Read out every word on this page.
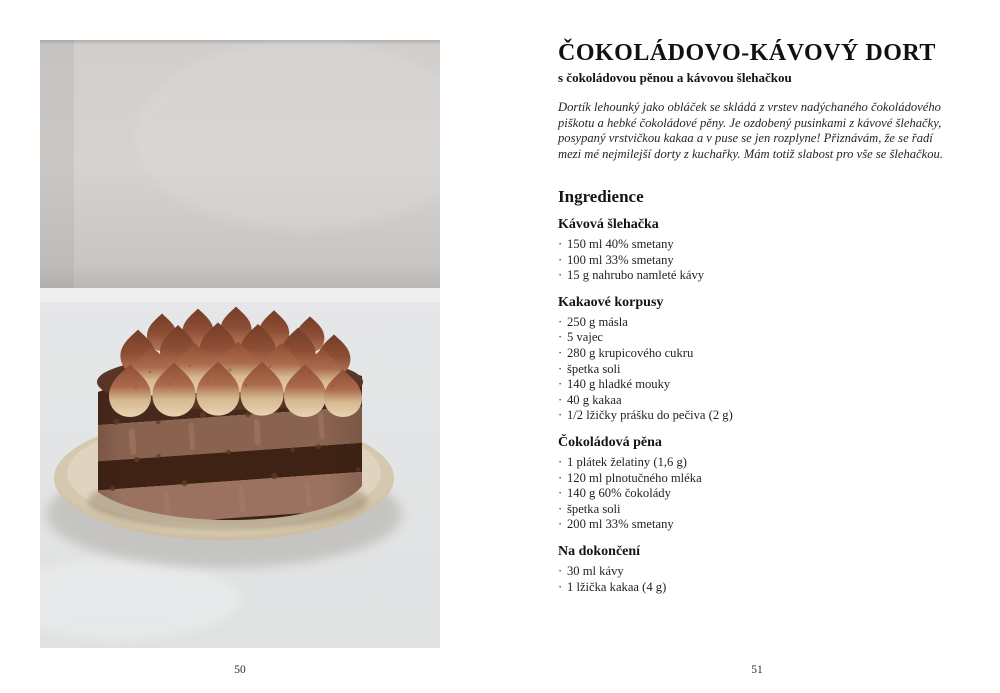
ČOKOLÁDOVO-KÁVOVÝ DORT
s čokoládovou pěnou a kávovou šlehačkou

Dortík lehounký jako obláček se skládá z vrstev nadýchaného čokoládového piškotu a hebké čokoládové pěny. Je ozdobený pusinkami z kávové šlehačky, posypaný vrstvičkou kakaa a v puse se jen rozplyne! Přiznávám, že se řadí mezi mé nejmilejší dorty z kuchařky. Mám totiž slabost pro vše se šlehačkou.

Ingredience
Kávová šlehačka
· 150 ml 40% smetany
· 100 ml 33% smetany
· 15 g nahrubo namleté kávy
Kakaové korpusy
· 250 g másla
· 5 vajec
· 280 g krupicového cukru
· špetka soli
· 140 g hladké mouky
· 40 g kakaa
· 1/2 lžičky prášku do pečiva (2 g)
Čokoládová pěna
· 1 plátek želatiny (1,6 g)
· 120 ml plnotučného mléka
· 140 g 60% čokolády
· špetka soli
· 200 ml 33% smetany
Na dokončení
· 30 ml kávy
· 1 lžička kakaa (4 g)
50	51
